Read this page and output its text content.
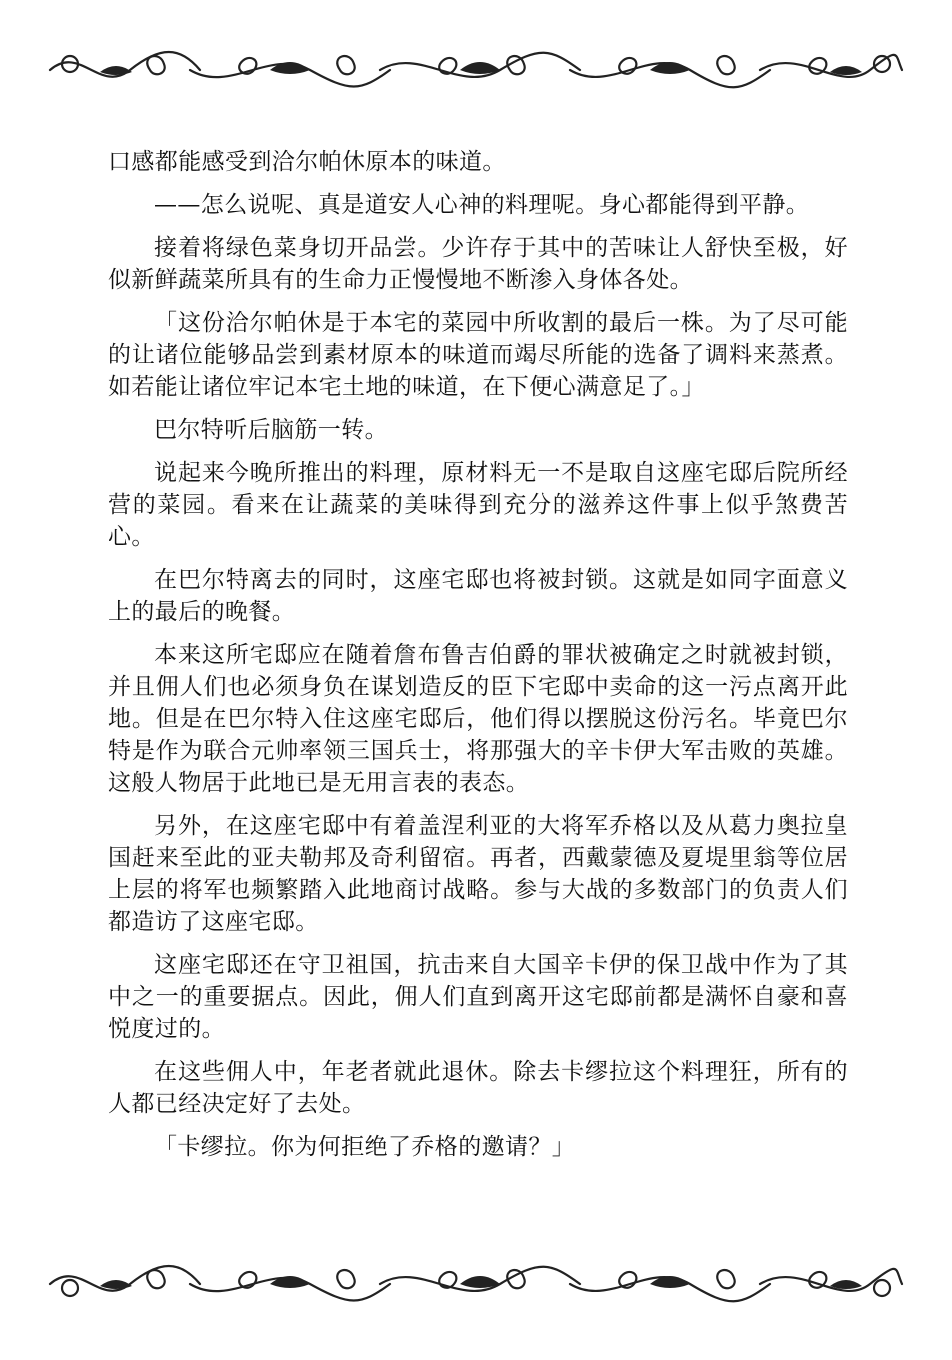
口感都能感受到洽尔帕休原本的味道。

——怎么说呢、真是道安人心神的料理呢。身心都能得到平静。

接着将绿色菜身切开品尝。少许存于其中的苦味让人舒快至极，好似新鲜蔬菜所具有的生命力正慢慢地不断渗入身体各处。

「这份洽尔帕休是于本宅的菜园中所收割的最后一株。为了尽可能的让诸位能够品尝到素材原本的味道而竭尽所能的选备了调料来蒸煮。如若能让诸位牢记本宅土地的味道，在下便心满意足了。」

巴尔特听后脑筋一转。

说起来今晚所推出的料理，原材料无一不是取自这座宅邸后院所经营的菜园。看来在让蔬菜的美味得到充分的滋养这件事上似乎煞费苦心。

在巴尔特离去的同时，这座宅邸也将被封锁。这就是如同字面意义上的最后的晚餐。

本来这所宅邸应在随着詹布鲁吉伯爵的罪状被确定之时就被封锁，并且佣人们也必须身负在谋划造反的臣下宅邸中卖命的这一污点离开此地。但是在巴尔特入住这座宅邸后，他们得以摆脱这份污名。毕竟巴尔特是作为联合元帅率领三国兵士，将那强大的辛卡伊大军击败的英雄。这般人物居于此地已是无用言表的表态。

另外，在这座宅邸中有着盖涅利亚的大将军乔格以及从葛力奥拉皇国赶来至此的亚夫勒邦及奇利留宿。再者，西戴蒙德及夏堤里翁等位居上层的将军也频繁踏入此地商讨战略。参与大战的多数部门的负责人们都造访了这座宅邸。

这座宅邸还在守卫祖国，抗击来自大国辛卡伊的保卫战中作为了其中之一的重要据点。因此，佣人们直到离开这宅邸前都是满怀自豪和喜悦度过的。

在这些佣人中，年老者就此退休。除去卡缪拉这个料理狂，所有的人都已经决定好了去处。

「卡缪拉。你为何拒绝了乔格的邀请？」
